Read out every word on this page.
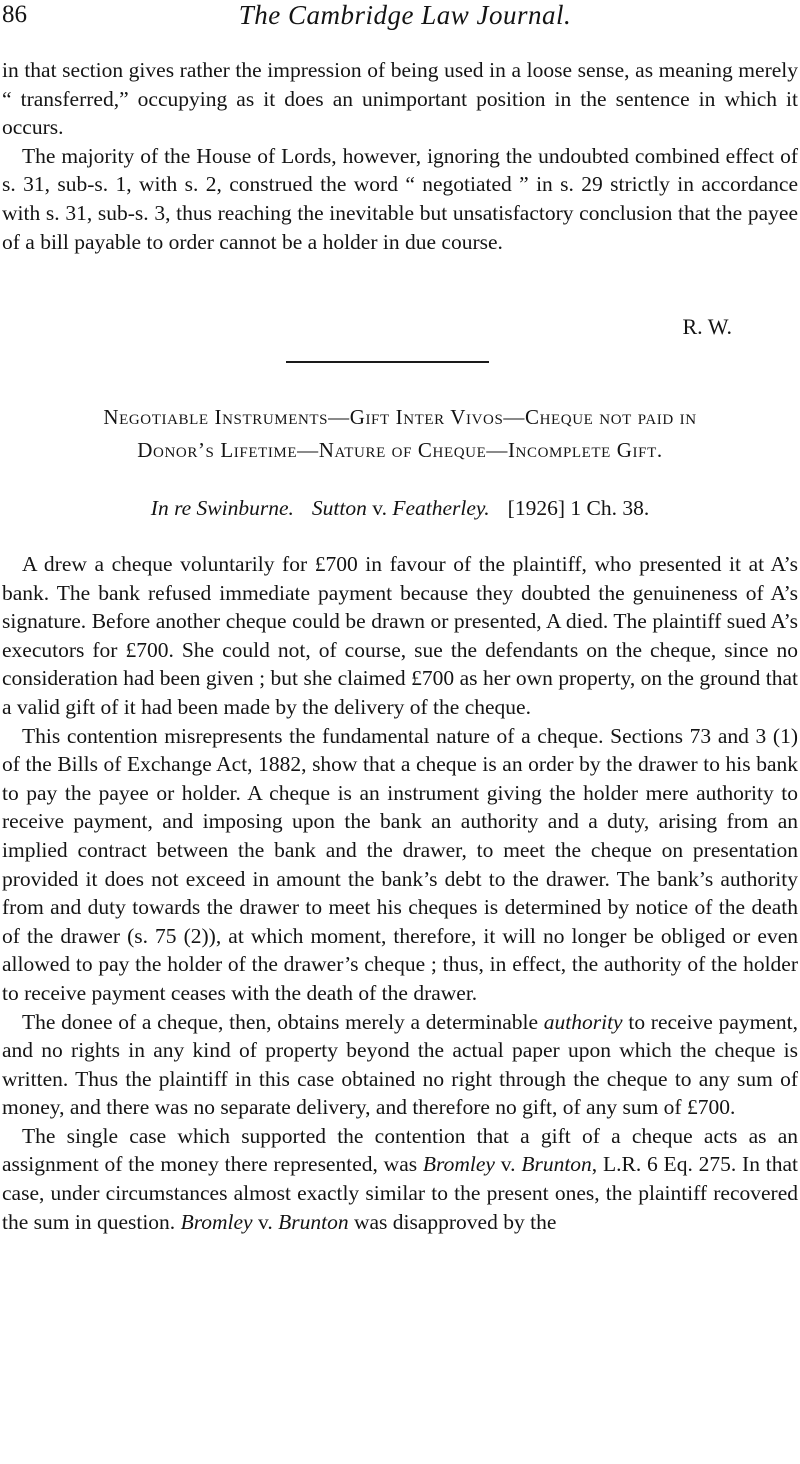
86	The Cambridge Law Journal.

in that section gives rather the impression of being used in a loose sense, as meaning merely “ transferred,” occupying as it does an unimportant position in the sentence in which it occurs.

The majority of the House of Lords, however, ignoring the undoubted combined effect of s. 31, sub-s. 1, with s. 2, construed the word “ negotiated ” in s. 29 strictly in accordance with s. 31, sub-s. 3, thus reaching the inevitable but unsatisfactory conclusion that the payee of a bill payable to order cannot be a holder in due course.

R. W.
Negotiable Instruments—Gift Inter Vivos—Cheque not paid in
Donor’s Lifetime—Nature of Cheque—Incomplete Gift.
In re Swinburne. Sutton v. Featherley. [1926] 1 Ch. 38.

A drew a cheque voluntarily for £700 in favour of the plaintiff, who presented it at A’s bank. The bank refused immediate payment because they doubted the genuineness of A’s signature. Before another cheque could be drawn or presented, A died. The plaintiff sued A’s executors for £700. She could not, of course, sue the defendants on the cheque, since no consideration had been given ; but she claimed £700 as her own property, on the ground that a valid gift of it had been made by the delivery of the cheque.

This contention misrepresents the fundamental nature of a cheque. Sections 73 and 3 (1) of the Bills of Exchange Act, 1882, show that a cheque is an order by the drawer to his bank to pay the payee or holder. A cheque is an instrument giving the holder mere authority to receive payment, and imposing upon the bank an authority and a duty, arising from an implied contract between the bank and the drawer, to meet the cheque on presentation provided it does not exceed in amount the bank’s debt to the drawer. The bank’s authority from and duty towards the drawer to meet his cheques is determined by notice of the death of the drawer (s. 75 (2)), at which moment, therefore, it will no longer be obliged or even allowed to pay the holder of the drawer’s cheque ; thus, in effect, the authority of the holder to receive payment ceases with the death of the drawer.

The donee of a cheque, then, obtains merely a determinable authority to receive payment, and no rights in any kind of property beyond the actual paper upon which the cheque is written. Thus the plaintiff in this case obtained no right through the cheque to any sum of money, and there was no separate delivery, and therefore no gift, of any sum of £700.

The single case which supported the contention that a gift of a cheque acts as an assignment of the money there represented, was Bromley v. Brunton, L.R. 6 Eq. 275. In that case, under circumstances almost exactly similar to the present ones, the plaintiff recovered the sum in question. Bromley v. Brunton was disapproved by the
